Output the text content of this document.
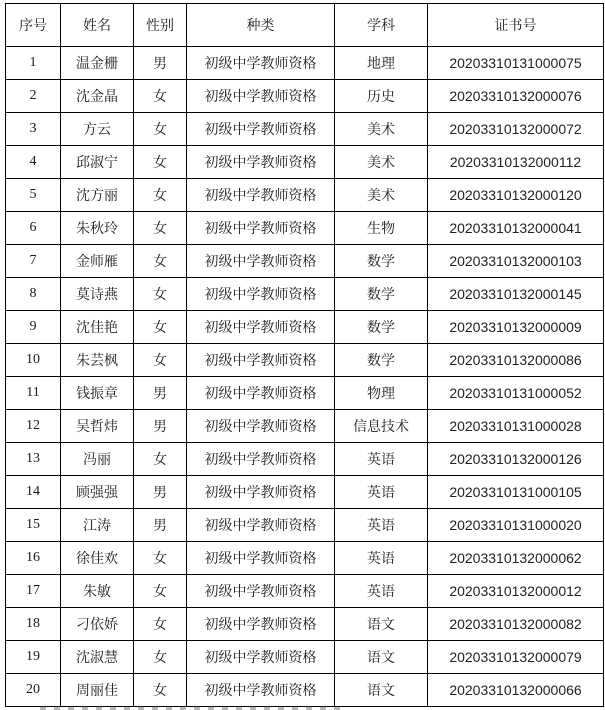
序号	姓名	性别	种类	学科	证书号
1	温金栅	男	初级中学教师资格	地理	20203310131000075
2	沈金晶	女	初级中学教师资格	历史	20203310132000076
3	方云	女	初级中学教师资格	美术	20203310132000072
4	邱淑宁	女	初级中学教师资格	美术	20203310132000112
5	沈方丽	女	初级中学教师资格	美术	20203310132000120
6	朱秋玲	女	初级中学教师资格	生物	20203310132000041
7	金师雁	女	初级中学教师资格	数学	20203310132000103
8	莫诗燕	女	初级中学教师资格	数学	20203310132000145
9	沈佳艳	女	初级中学教师资格	数学	20203310132000009
10	朱芸枫	女	初级中学教师资格	数学	20203310132000086
11	钱振章	男	初级中学教师资格	物理	20203310131000052
12	吴哲炜	男	初级中学教师资格	信息技术	20203310131000028
13	冯丽	女	初级中学教师资格	英语	20203310132000126
14	顾强强	男	初级中学教师资格	英语	20203310131000105
15	江涛	男	初级中学教师资格	英语	20203310131000020
16	徐佳欢	女	初级中学教师资格	英语	20203310132000062
17	朱敏	女	初级中学教师资格	英语	20203310132000012
18	刁依娇	女	初级中学教师资格	语文	20203310132000082
19	沈淑慧	女	初级中学教师资格	语文	20203310132000079
20	周丽佳	女	初级中学教师资格	语文	20203310132000066
